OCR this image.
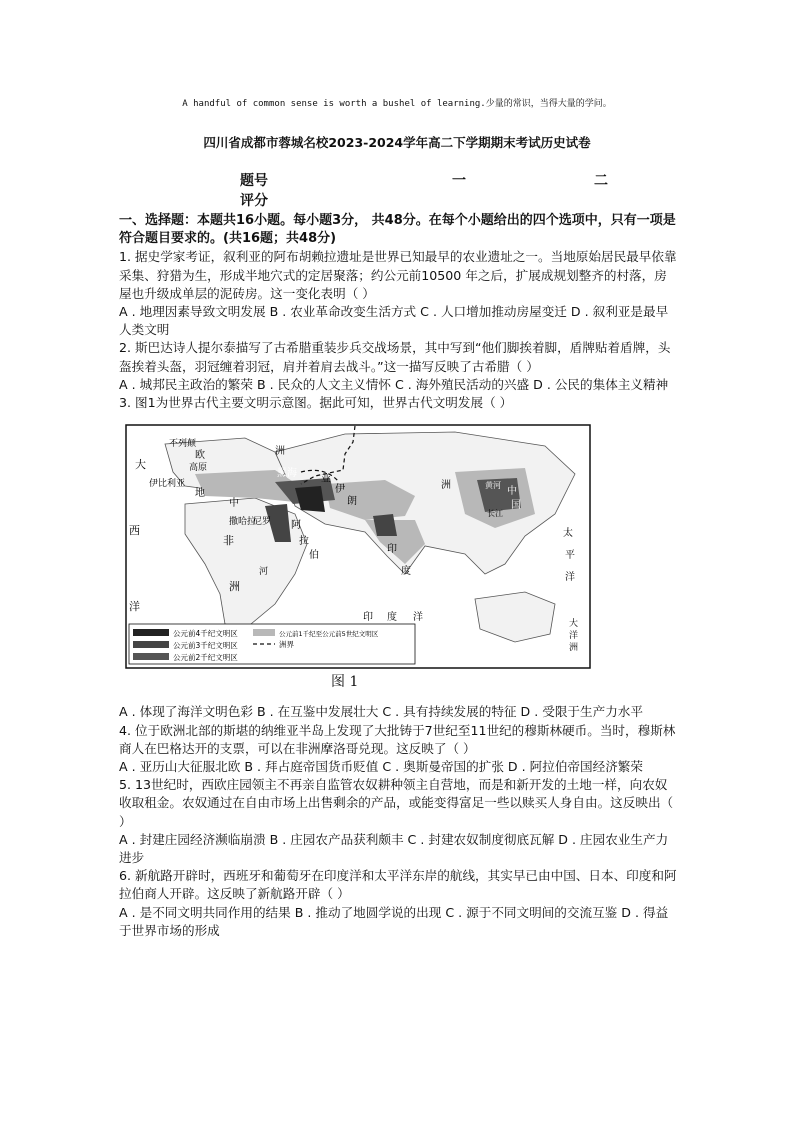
A handful of common sense is worth a bushel of learning.少量的常识，当得大量的学问。
四川省成都市蓉城名校2023-2024学年高二下学期期末考试历史试卷
题号	一	二
评分

一、选择题：本题共16小题。每小题3分， 共48分。在每个小题给出的四个选项中，只有一项是符合题目要求的。(共16题；共48分)

1. 据史学家考证，叙利亚的阿布胡赖拉遗址是世界已知最早的农业遗址之一。当地原始居民最早依靠采集、狩猎为生，形成半地穴式的定居聚落；约公元前10500 年之后，扩展成规划整齐的村落，房屋也升级成单层的泥砖房。这一变化表明（ ）

A . 地理因素导致文明发展 B . 农业革命改变生活方式 C . 人口增加推动房屋变迁 D . 叙利亚是最早人类文明

2. 斯巴达诗人提尔泰描写了古希腊重装步兵交战场景，其中写到“他们脚挨着脚，盾牌贴着盾牌，头盔挨着头盔，羽冠缠着羽冠，肩并着肩去战斗。”这一描写反映了古希腊（ ）

A . 城邦民主政治的繁荣 B . 民众的人文主义情怀 C . 海外殖民活动的兴盛 D . 公民的集体主义精神

3. 图1为世界古代主要文明示意图。据此可知，世界古代文明发展（ ）

不列颠
欧
高原
洲
大
伊比利亚
地
中
黑海
撒哈拉
西
非
尼罗
河
洲
洋
阿
拉
伯
伊
朗
亚
洲
印
度
印 度 洋
中
国
黄河
长江
太
平
洋
大
洋
洲
公元前4千纪文明区
公元前3千纪文明区
公元前2千纪文明区
公元前1千纪至公元前5世纪文明区
洲界
图 1

A . 体现了海洋文明色彩 B . 在互鉴中发展壮大 C . 具有持续发展的特征 D . 受限于生产力水平

4. 位于欧洲北部的斯堪的纳维亚半岛上发现了大批铸于7世纪至11世纪的穆斯林硬币。当时，穆斯林商人在巴格达开的支票，可以在非洲摩洛哥兑现。这反映了（ ）

A . 亚历山大征服北欧 B . 拜占庭帝国货币贬值 C . 奥斯曼帝国的扩张 D . 阿拉伯帝国经济繁荣

5. 13世纪时，西欧庄园领主不再亲自监管农奴耕种领主自营地，而是和新开发的土地一样，向农奴收取租金。农奴通过在自由市场上出售剩余的产品，或能变得富足一些以赎买人身自由。这反映出（ ）

A . 封建庄园经济濒临崩溃 B . 庄园农产品获利颇丰 C . 封建农奴制度彻底瓦解 D . 庄园农业生产力进步

6. 新航路开辟时，西班牙和葡萄牙在印度洋和太平洋东岸的航线，其实早已由中国、日本、印度和阿拉伯商人开辟。这反映了新航路开辟（ ）

A . 是不同文明共同作用的结果 B . 推动了地圆学说的出现 C . 源于不同文明间的交流互鉴 D . 得益于世界市场的形成
